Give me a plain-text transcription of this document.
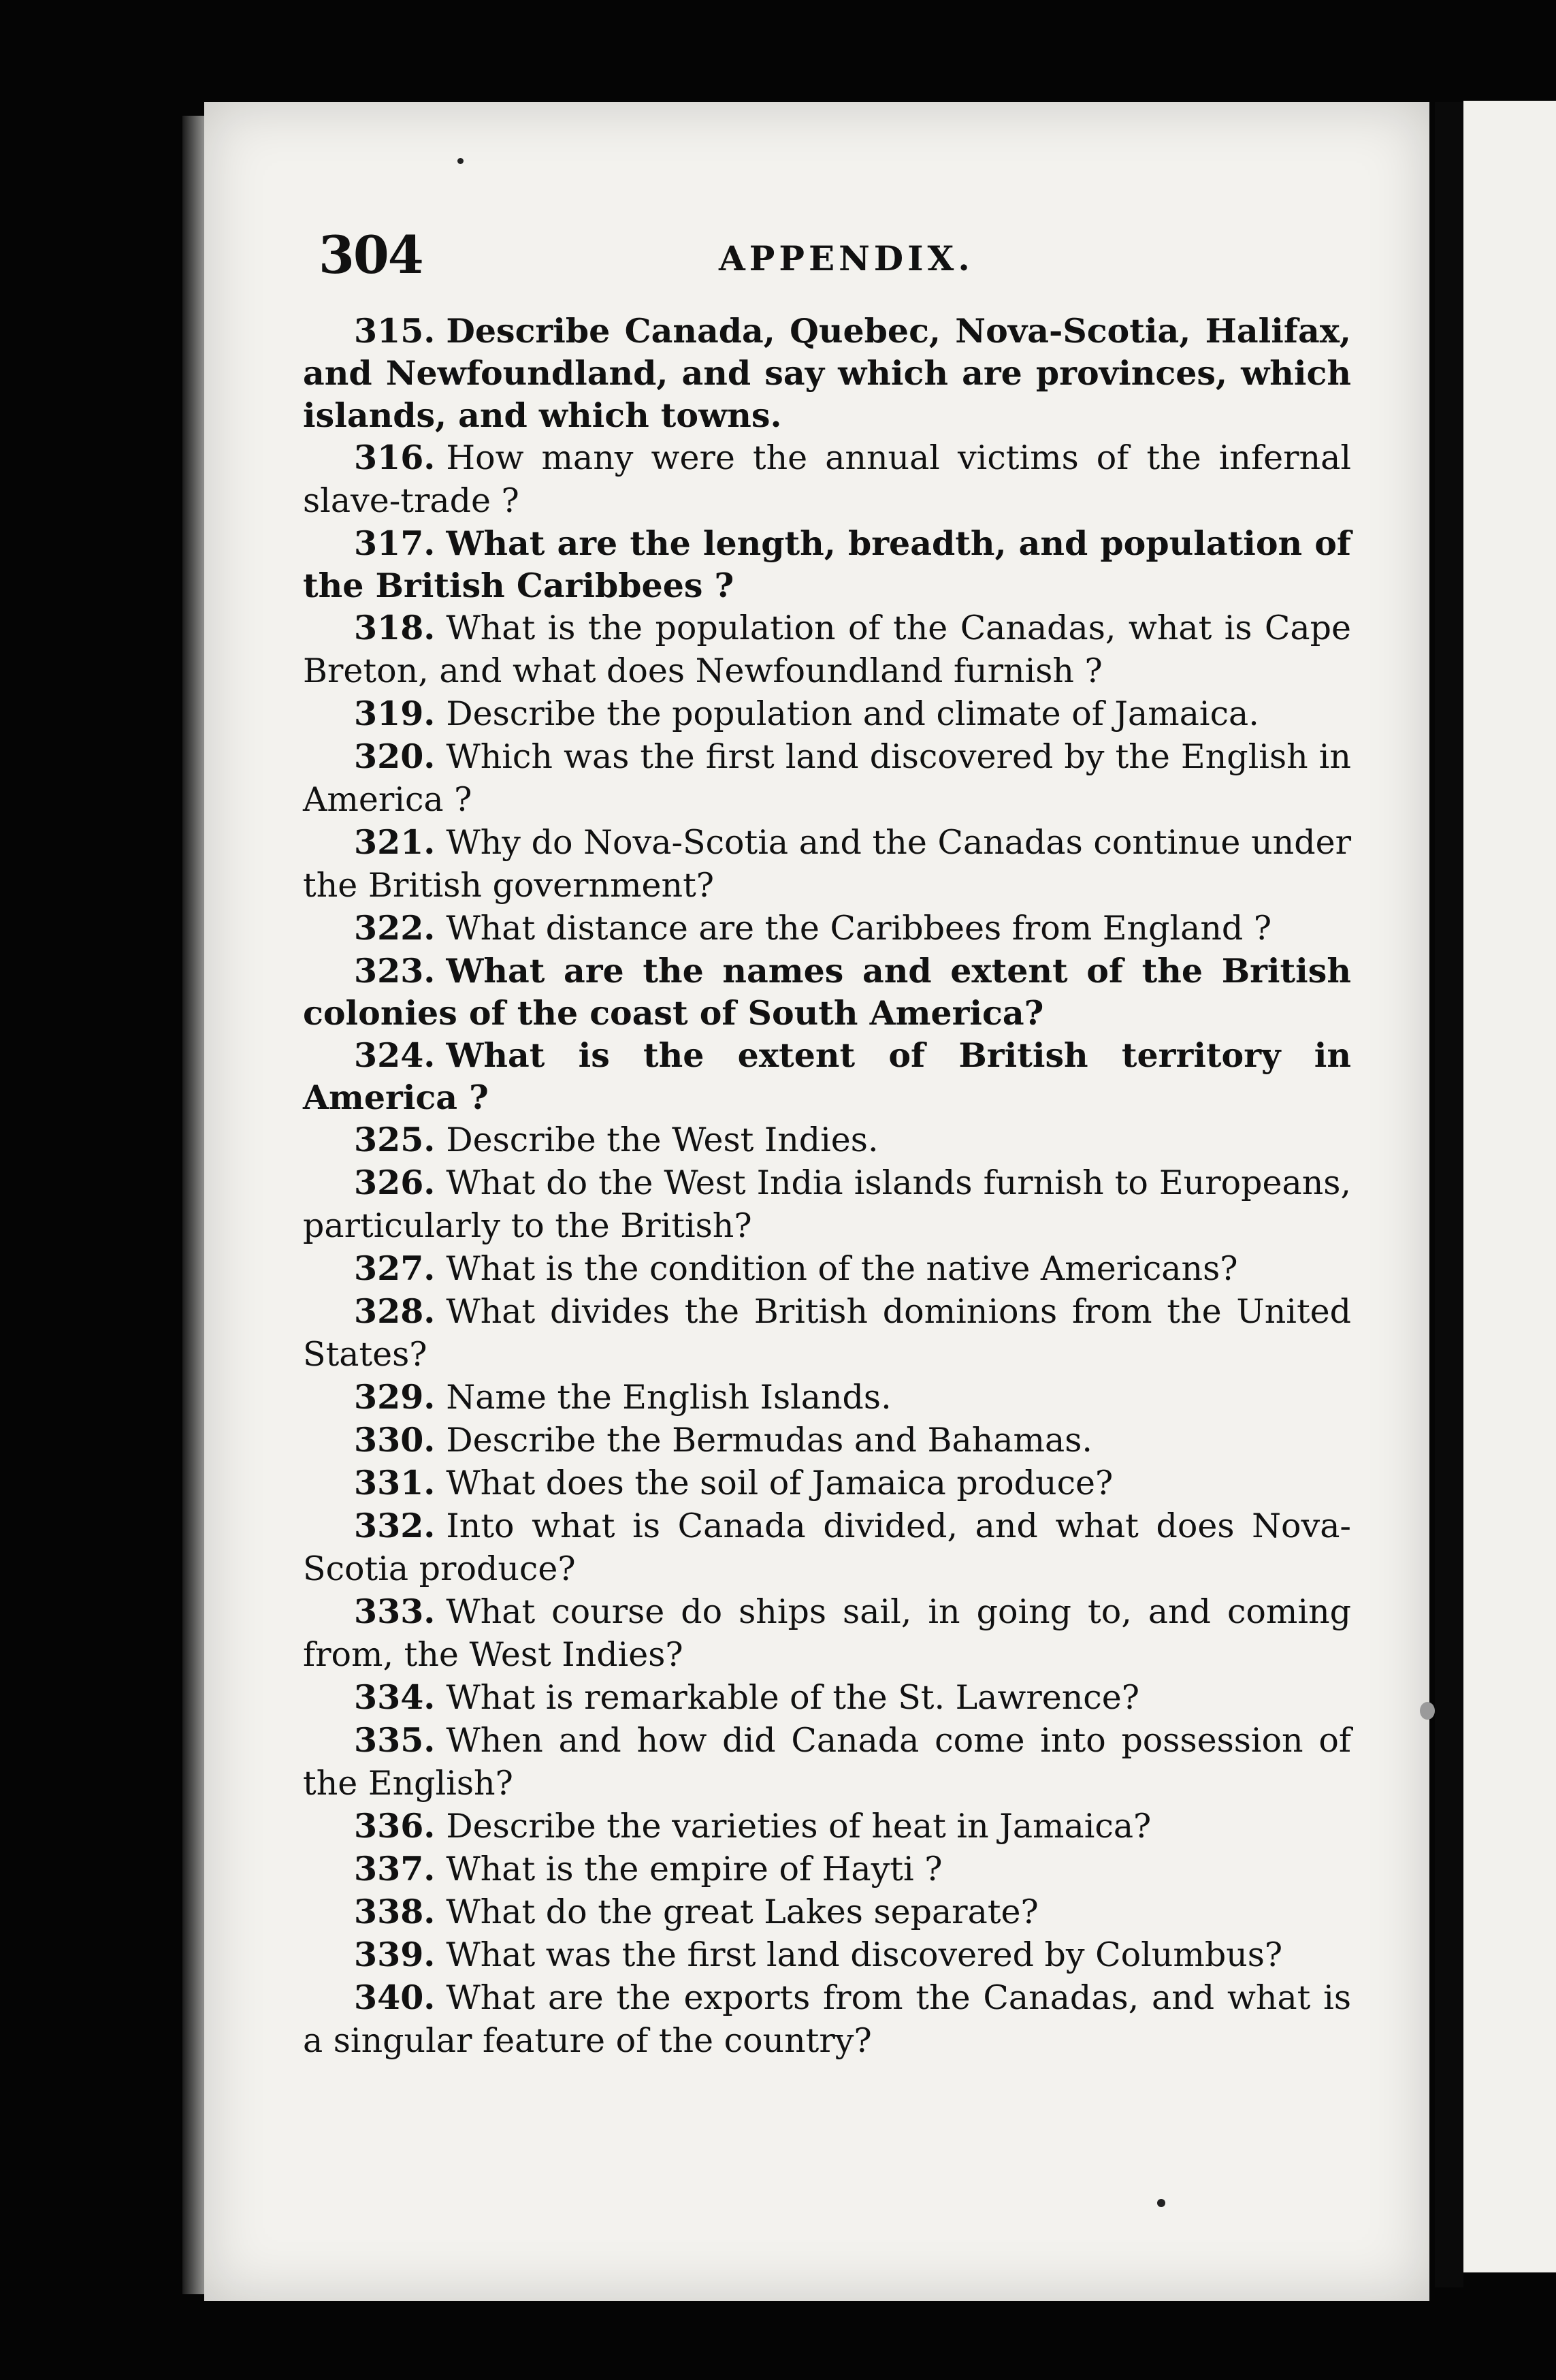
304	APPENDIX.

315. Describe Canada, Quebec, Nova-Scotia, Halifax, and Newfoundland, and say which are provinces, which islands, and which towns.

316. How many were the annual victims of the infernal slave-trade ?

317. What are the length, breadth, and population of the British Caribbees ?

318. What is the population of the Canadas, what is Cape Breton, and what does Newfoundland furnish ?

319. Describe the population and climate of Jamaica.

320. Which was the first land discovered by the English in America ?

321. Why do Nova-Scotia and the Canadas continue under the British government?

322. What distance are the Caribbees from England ?

323. What are the names and extent of the British colonies of the coast of South America?

324. What is the extent of British territory in America ?

325. Describe the West Indies.

326. What do the West India islands furnish to Europeans, particularly to the British?

327. What is the condition of the native Americans?

328. What divides the British dominions from the United States?

329. Name the English Islands.

330. Describe the Bermudas and Bahamas.

331. What does the soil of Jamaica produce?

332. Into what is Canada divided, and what does Nova-Scotia produce?

333. What course do ships sail, in going to, and coming from, the West Indies?

334. What is remarkable of the St. Lawrence?

335. When and how did Canada come into possession of the English?

336. Describe the varieties of heat in Jamaica?

337. What is the empire of Hayti ?

338. What do the great Lakes separate?

339. What was the first land discovered by Columbus?

340. What are the exports from the Canadas, and what is a singular feature of the country?
